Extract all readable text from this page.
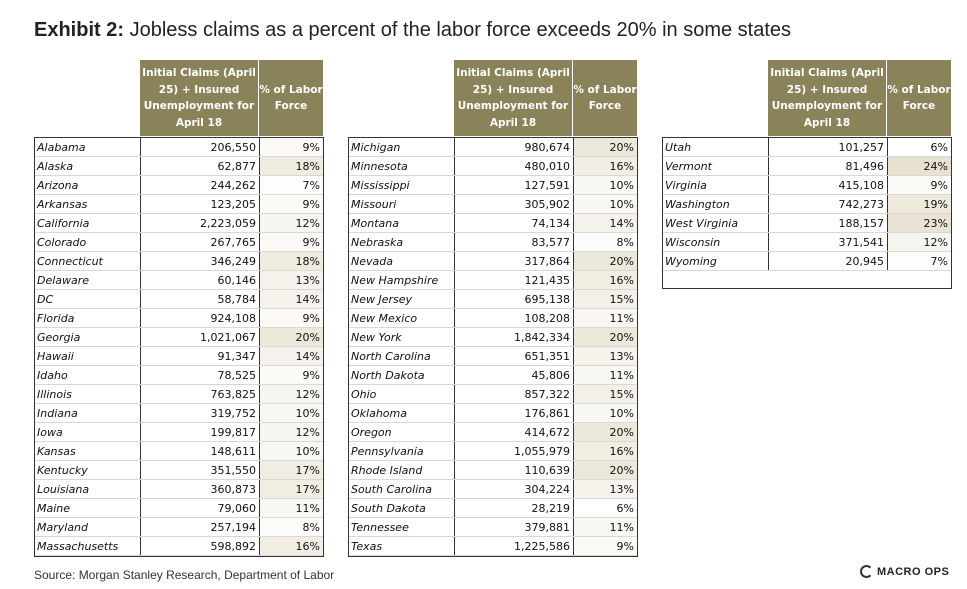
Exhibit 2: Jobless claims as a percent of the labor force exceeds 20% in some states
Initial Claims (April
25) + Insured
Unemployment for
April 18
% of Labor
Force
Alabama	206,550	9%
Alaska	62,877	18%
Arizona	244,262	7%
Arkansas	123,205	9%
California	2,223,059	12%
Colorado	267,765	9%
Connecticut	346,249	18%
Delaware	60,146	13%
DC	58,784	14%
Florida	924,108	9%
Georgia	1,021,067	20%
Hawaii	91,347	14%
Idaho	78,525	9%
Illinois	763,825	12%
Indiana	319,752	10%
Iowa	199,817	12%
Kansas	148,611	10%
Kentucky	351,550	17%
Louisiana	360,873	17%
Maine	79,060	11%
Maryland	257,194	8%
Massachusetts	598,892	16%
Initial Claims (April
25) + Insured
Unemployment for
April 18
% of Labor
Force
Michigan	980,674	20%
Minnesota	480,010	16%
Mississippi	127,591	10%
Missouri	305,902	10%
Montana	74,134	14%
Nebraska	83,577	8%
Nevada	317,864	20%
New Hampshire	121,435	16%
New Jersey	695,138	15%
New Mexico	108,208	11%
New York	1,842,334	20%
North Carolina	651,351	13%
North Dakota	45,806	11%
Ohio	857,322	15%
Oklahoma	176,861	10%
Oregon	414,672	20%
Pennsylvania	1,055,979	16%
Rhode Island	110,639	20%
South Carolina	304,224	13%
South Dakota	28,219	6%
Tennessee	379,881	11%
Texas	1,225,586	9%
Initial Claims (April
25) + Insured
Unemployment for
April 18
% of Labor
Force
Utah	101,257	6%
Vermont	81,496	24%
Virginia	415,108	9%
Washington	742,273	19%
West Virginia	188,157	23%
Wisconsin	371,541	12%
Wyoming	20,945	7%
Source: Morgan Stanley Research, Department of Labor	MACRO OPS
